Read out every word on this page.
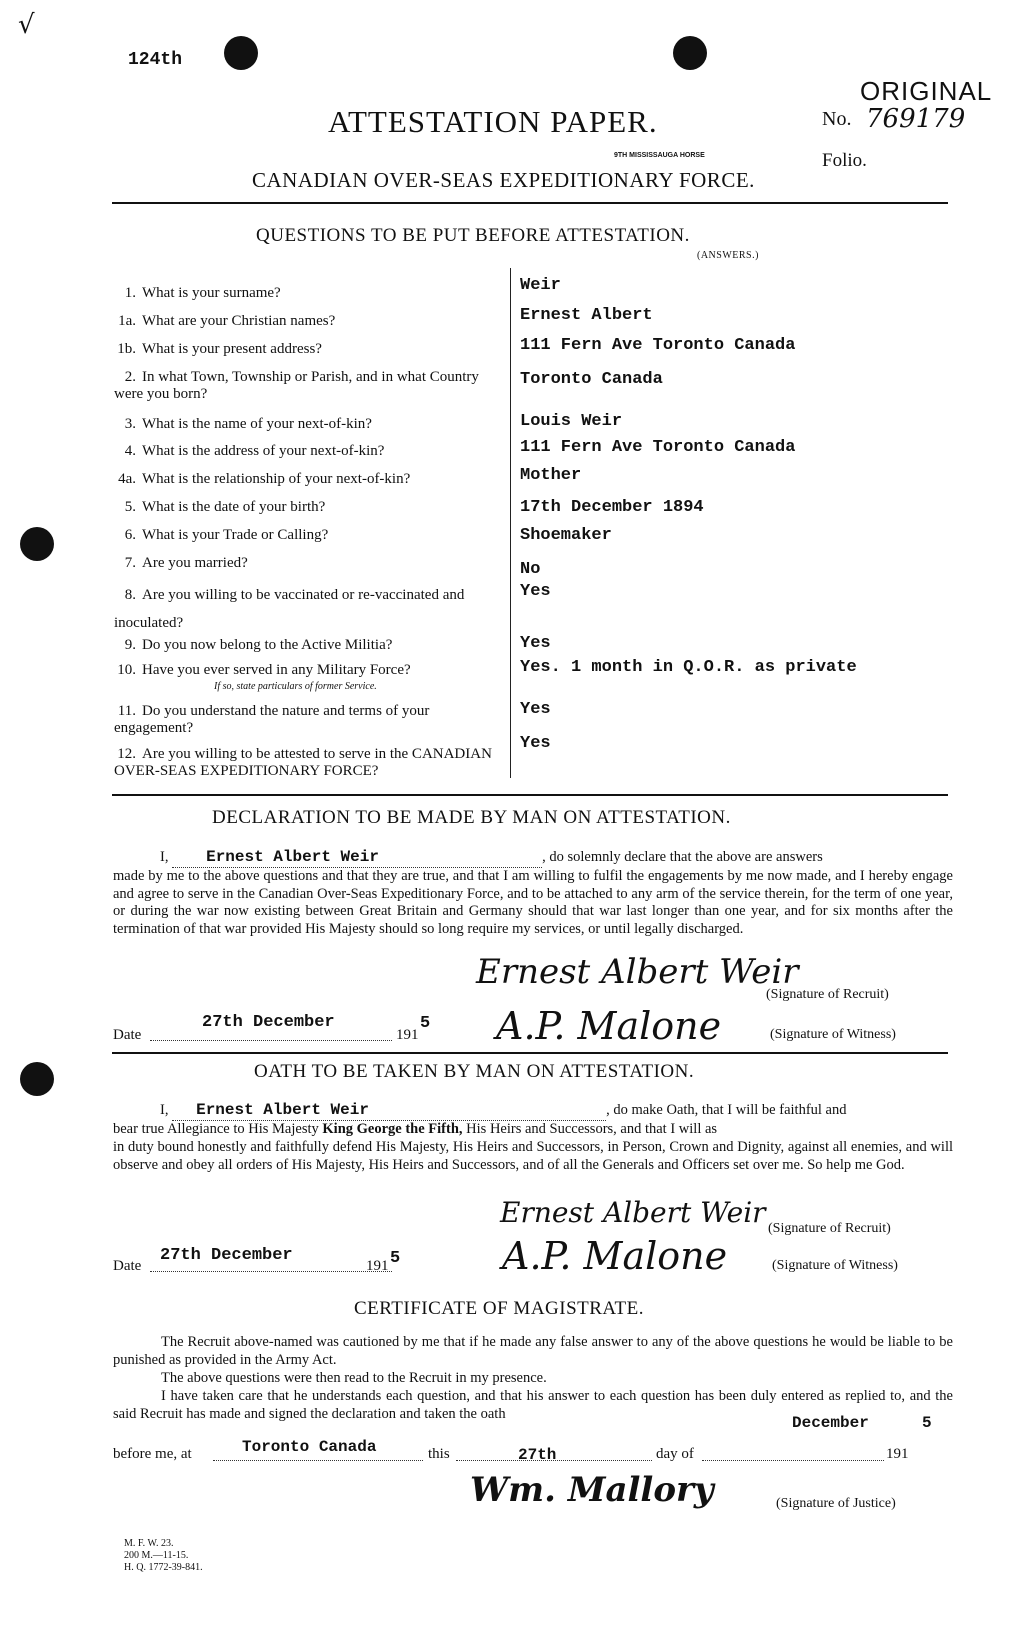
√
124th
ORIGINAL
No. 769179
Folio.
ATTESTATION PAPER.
9TH MISSISSAUGA HORSE
CANADIAN OVER-SEAS EXPEDITIONARY FORCE.
QUESTIONS TO BE PUT BEFORE ATTESTATION.
(ANSWERS.)
1. What is your surname?	Weir
1a. What are your Christian names?	Ernest Albert
1b. What is your present address?	111 Fern Ave Toronto Canada
2. In what Town, Township or Parish, and in what Country were you born?
Toronto Canada
3. What is the name of your next-of-kin?	Louis Weir
4. What is the address of your next-of-kin?	111 Fern Ave Toronto Canada
4a. What is the relationship of your next-of-kin?	Mother
5. What is the date of your birth?	17th December 1894
6. What is your Trade or Calling?	Shoemaker
7. Are you married?	No
8. Are you willing to be vaccinated or re-vaccinated and inoculated?
Yes
9. Do you now belong to the Active Militia?	Yes
10. Have you ever served in any Military Force?
If so, state particulars of former Service.
Yes. 1 month in Q.O.R. as private
11. Do you understand the nature and terms of your engagement?
Yes
12. Are you willing to be attested to serve in the CANADIAN OVER-SEAS EXPEDITIONARY FORCE?
Yes
DECLARATION TO BE MADE BY MAN ON ATTESTATION.
I, Ernest Albert Weir	, do solemnly declare that the above are answers
made by me to the above questions and that they are true, and that I am willing to fulfil the engagements by me now made, and I hereby engage and agree to serve in the Canadian Over-Seas Expeditionary Force, and to be attached to any arm of the service therein, for the term of one year, or during the war now existing between Great Britain and Germany should that war last longer than one year, and for six months after the termination of that war provided His Majesty should so long require my services, or until legally discharged.
Ernest Albert Weir
(Signature of Recruit)
Date
27th December
191
5 A.P. Malone	(Signature of Witness)
OATH TO BE TAKEN BY MAN ON ATTESTATION.
I, Ernest Albert Weir	, do make Oath, that I will be faithful and
bear true Allegiance to His Majesty King George the Fifth, His Heirs and Successors, and that I will as
in duty bound honestly and faithfully defend His Majesty, His Heirs and Successors, in Person, Crown and Dignity, against all enemies, and will observe and obey all orders of His Majesty, His Heirs and Successors, and of all the Generals and Officers set over me. So help me God.
Ernest Albert Weir (Signature of Recruit)
Date
27th December
191 5	A.P. Malone	(Signature of Witness)
CERTIFICATE OF MAGISTRATE.
The Recruit above-named was cautioned by me that if he made any false answer to any of the above questions he would be liable to be punished as provided in the Army Act.
The above questions were then read to the Recruit in my presence.
I have taken care that he understands each question, and that his answer to each question has been duly entered as replied to, and the said Recruit has made and signed the declaration and taken the oath
December	5
before me, at	Toronto Canada	this	27th	day of	191
Wm. Mallory	(Signature of Justice)
M. F. W. 23.
200 M.—11-15.
H. Q. 1772-39-841.
